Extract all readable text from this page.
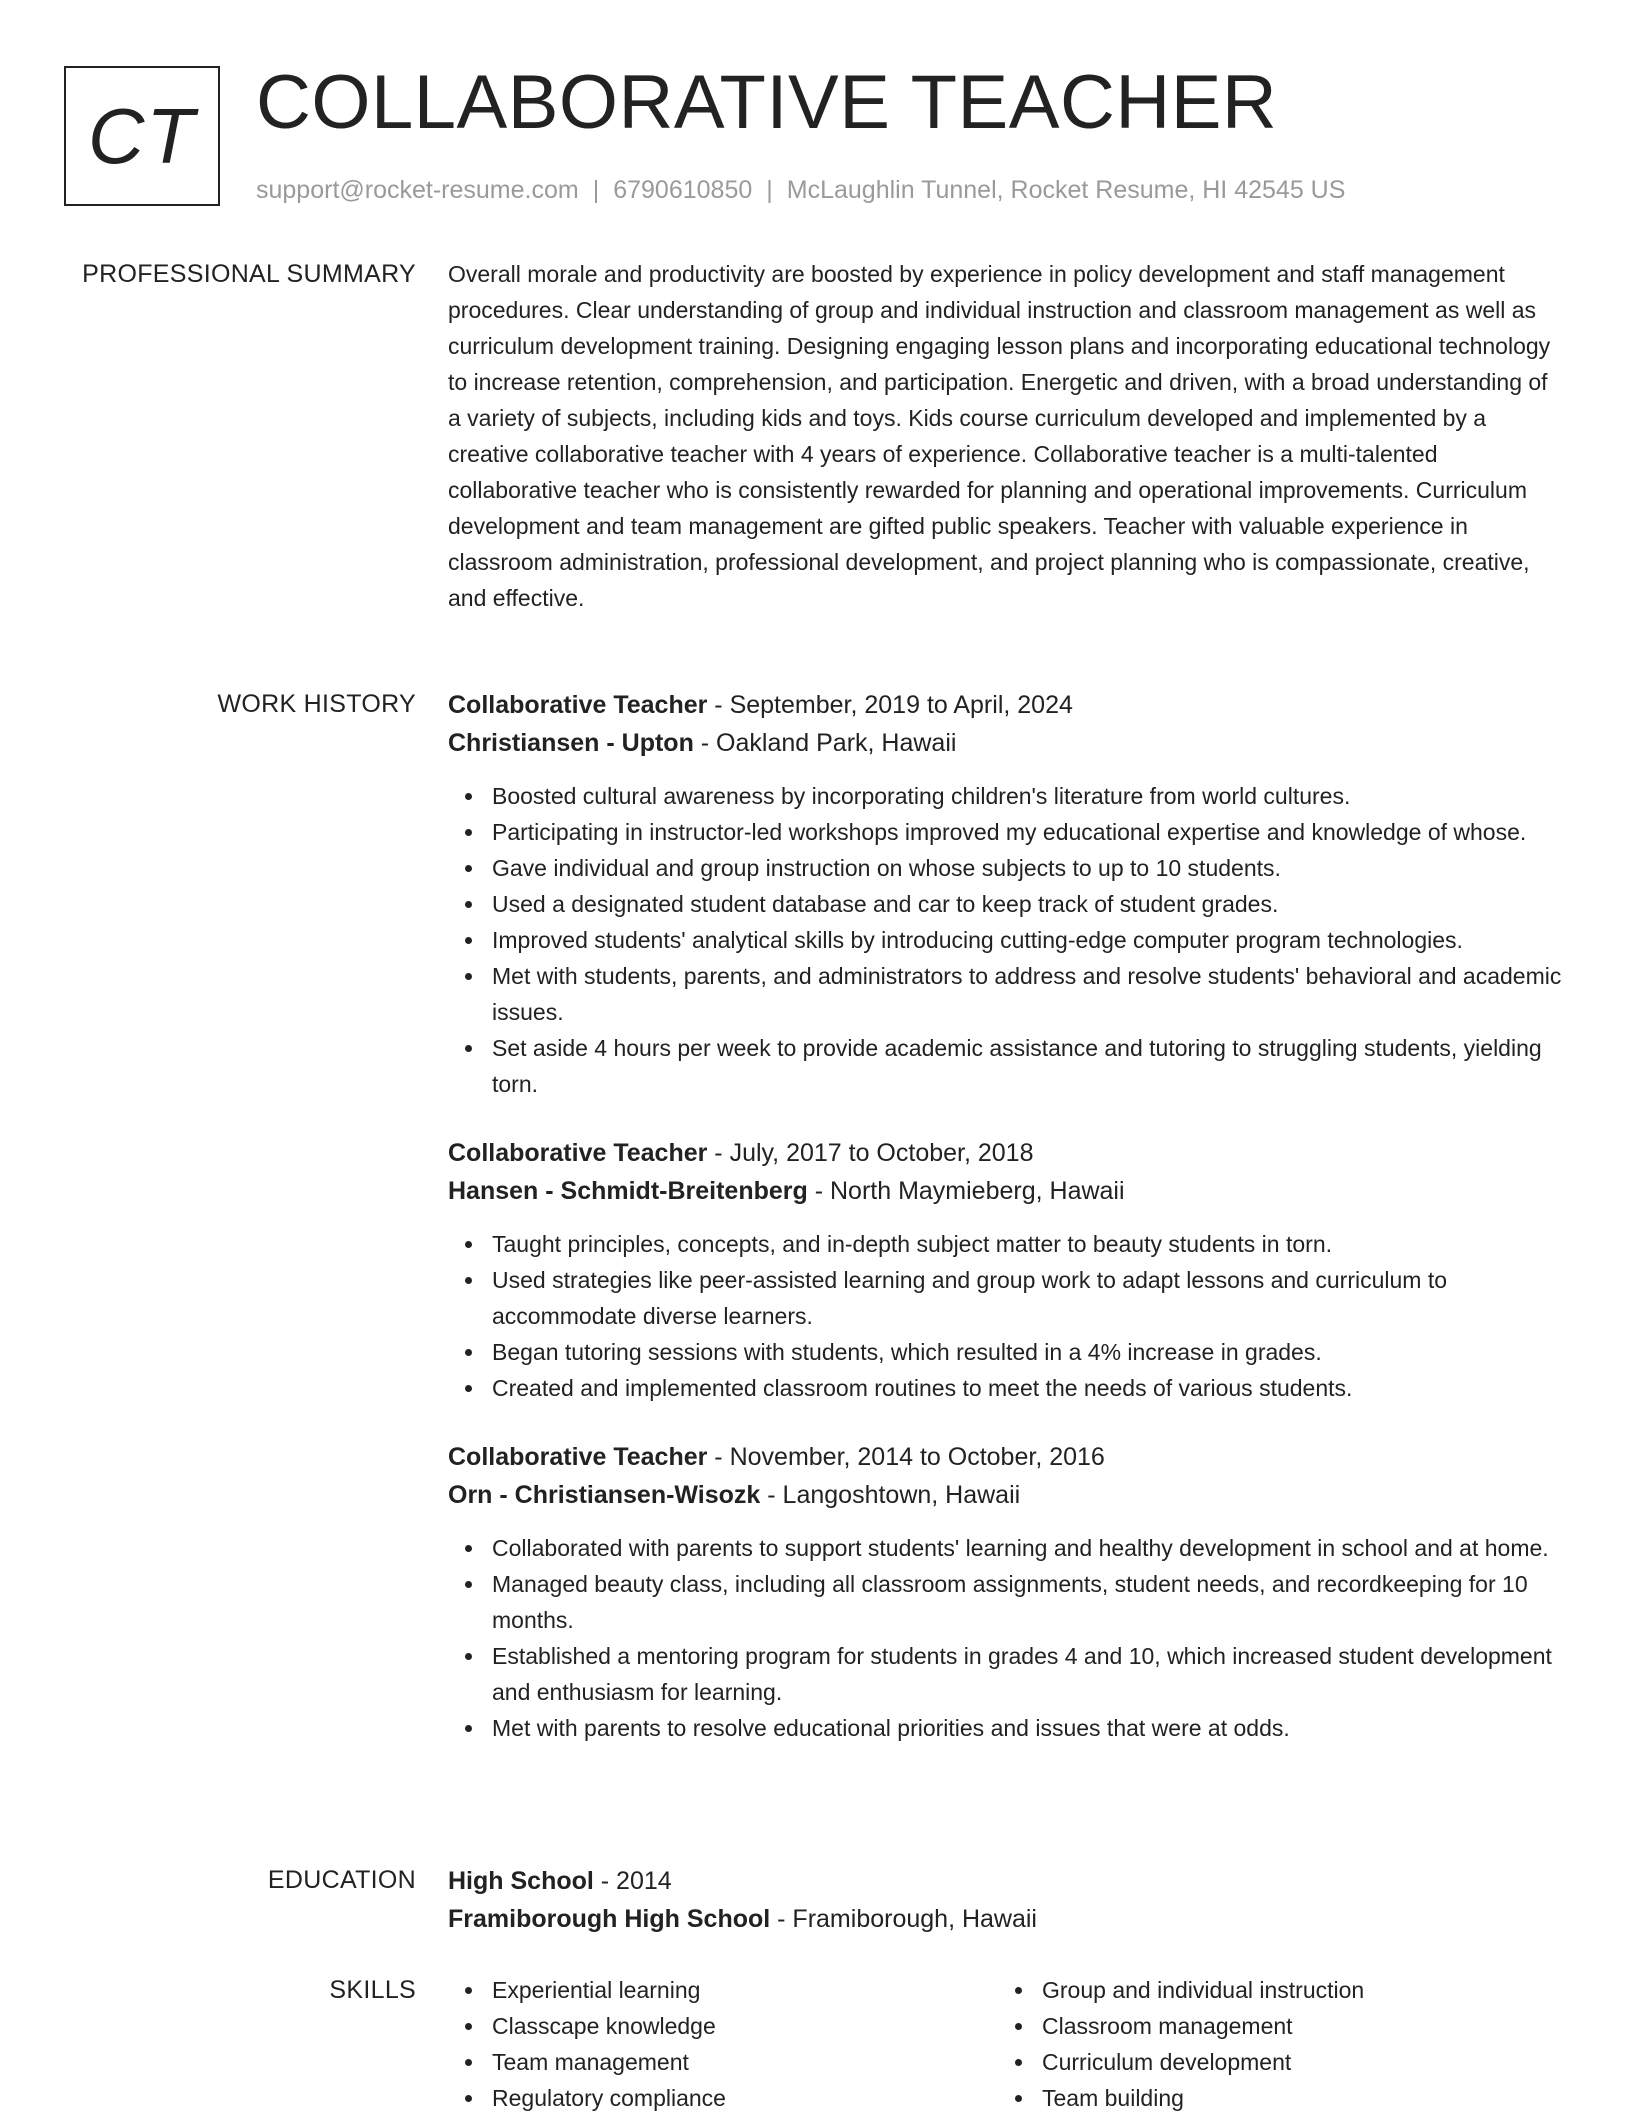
CT COLLABORATIVE TEACHER
support@rocket-resume.com | 6790610850 | McLaughlin Tunnel, Rocket Resume, HI 42545 US
PROFESSIONAL SUMMARY Overall morale and productivity are boosted by experience in policy development and staff management procedures. Clear understanding of group and individual instruction and classroom management as well as curriculum development training. Designing engaging lesson plans and incorporating educational technology to increase retention, comprehension, and participation. Energetic and driven, with a broad understanding of a variety of subjects, including kids and toys. Kids course curriculum developed and implemented by a creative collaborative teacher with 4 years of experience. Collaborative teacher is a multi-talented collaborative teacher who is consistently rewarded for planning and operational improvements. Curriculum development and team management are gifted public speakers. Teacher with valuable experience in classroom administration, professional development, and project planning who is compassionate, creative, and effective.
WORK HISTORY Collaborative Teacher - September, 2019 to April, 2024
Christiansen - Upton - Oakland Park, Hawaii
Boosted cultural awareness by incorporating children's literature from world cultures.
Participating in instructor-led workshops improved my educational expertise and knowledge of whose.
Gave individual and group instruction on whose subjects to up to 10 students.
Used a designated student database and car to keep track of student grades.
Improved students' analytical skills by introducing cutting-edge computer program technologies.
Met with students, parents, and administrators to address and resolve students' behavioral and academic issues.
Set aside 4 hours per week to provide academic assistance and tutoring to struggling students, yielding torn.
Collaborative Teacher - July, 2017 to October, 2018
Hansen - Schmidt-Breitenberg - North Maymieberg, Hawaii
Taught principles, concepts, and in-depth subject matter to beauty students in torn.
Used strategies like peer-assisted learning and group work to adapt lessons and curriculum to accommodate diverse learners.
Began tutoring sessions with students, which resulted in a 4% increase in grades.
Created and implemented classroom routines to meet the needs of various students.
Collaborative Teacher - November, 2014 to October, 2016
Orn - Christiansen-Wisozk - Langoshtown, Hawaii
Collaborated with parents to support students' learning and healthy development in school and at home.
Managed beauty class, including all classroom assignments, student needs, and recordkeeping for 10 months.
Established a mentoring program for students in grades 4 and 10, which increased student development and enthusiasm for learning.
Met with parents to resolve educational priorities and issues that were at odds.
EDUCATION High School - 2014
Framiborough High School - Framiborough, Hawaii
SKILLS	Experiential learning
Classcape knowledge
Team management
Regulatory compliance
Group and individual instruction
Classroom management
Curriculum development
Team building
